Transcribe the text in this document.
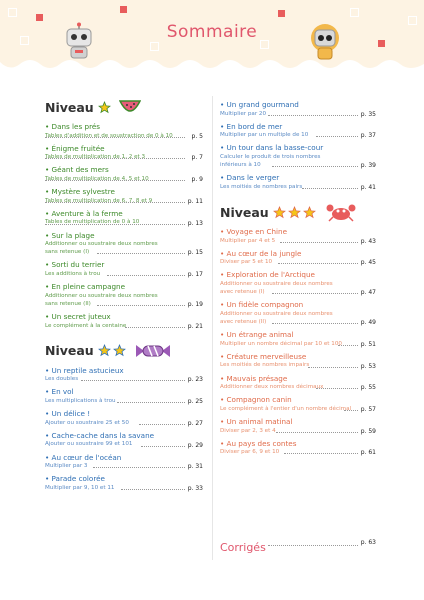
Sommaire
Niveau
• Dans les prés
Tables d'addition et de soustraction de 0 à 10	p. 5
• Énigme fruitée
Tables de multiplication de 1, 2 et 3	p. 7
• Géant des mers
Tables de multiplication de 4, 5 et 10	p. 9
• Mystère sylvestre
Tables de multiplication de 6, 7, 8 et 9	p. 11
• Aventure à la ferme
Tables de multiplication de 0 à 10	p. 13
• Sur la plage
Additionner ou soustraire deux nombres
sans retenue (I)	p. 15
• Sorti du terrier
Les additions à trou	p. 17
• En pleine campagne
Additionner ou soustraire deux nombres
sans retenue (II)	p. 19
• Un secret juteux
Le complément à la centaine	p. 21
Niveau
• Un reptile astucieux
Les doubles	p. 23
• En vol
Les multiplications à trou	p. 25
• Un délice !
Ajouter ou soustraire 25 et 50	p. 27
• Cache-cache dans la savane
Ajouter ou soustraire 99 et 101	p. 29
• Au cœur de l'océan
Multiplier par 3	p. 31
• Parade colorée
Multiplier par 9, 10 et 11	p. 33
• Un grand gourmand
Multiplier par 20	p. 35
• En bord de mer
Multiplier par un multiple de 10	p. 37
• Un tour dans la basse-cour
Calculer le produit de trois nombres
inférieurs à 10	p. 39
• Dans le verger
Les moitiés de nombres pairs	p. 41
Niveau
• Voyage en Chine
Multiplier par 4 et 5	p. 43
• Au cœur de la jungle
Diviser par 5 et 10	p. 45
• Exploration de l'Arctique
Additionner ou soustraire deux nombres
avec retenue (I)	p. 47
• Un fidèle compagnon
Additionner ou soustraire deux nombres
avec retenue (II)	p. 49
• Un étrange animal
Multiplier un nombre décimal par 10 et 100	p. 51
• Créature merveilleuse
Les moitiés de nombres impairs	p. 53
• Mauvais présage
Additionner deux nombres décimaux	p. 55
• Compagnon canin
Le complément à l'entier d'un nombre décimal	p. 57
• Un animal matinal
Diviser par 2, 3 et 4	p. 59
• Au pays des contes
Diviser par 6, 9 et 10	p. 61
Corrigés	p. 63
